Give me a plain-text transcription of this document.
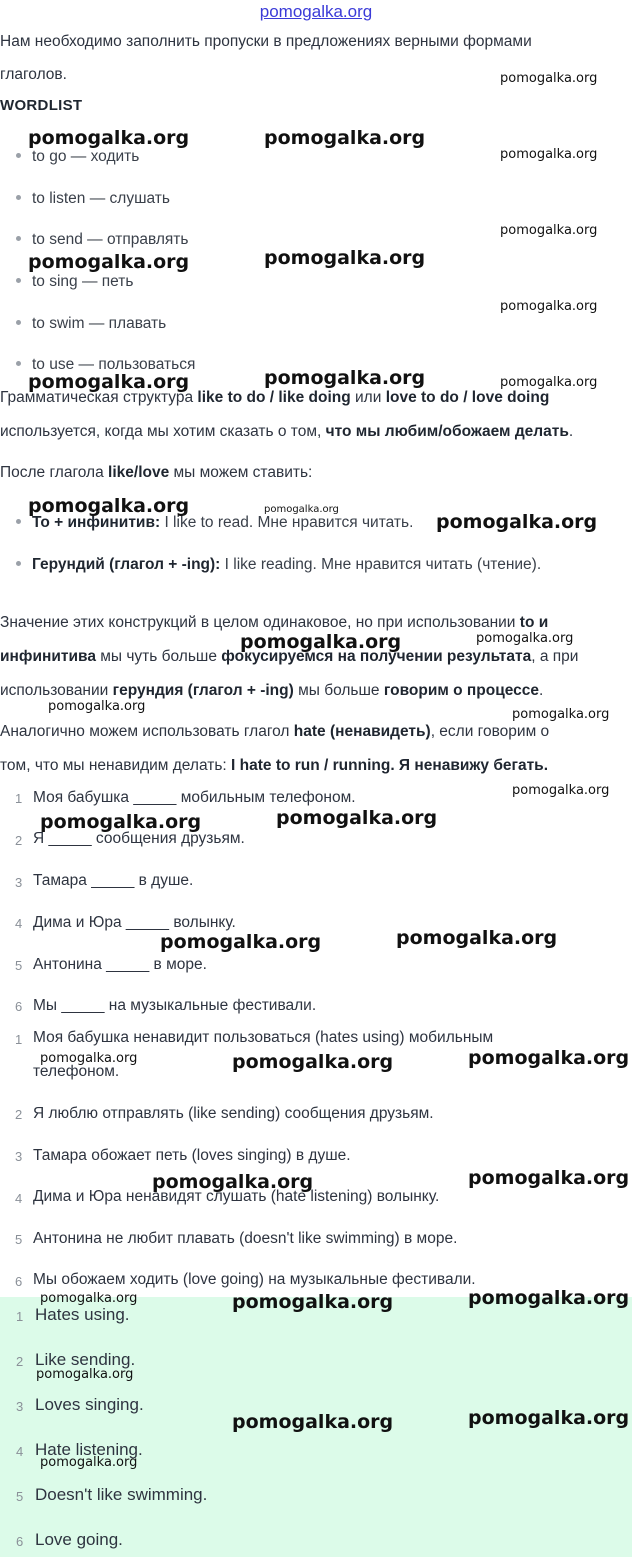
pomogalka.org
Нам необходимо заполнить пропуски в предложениях верными формами
глаголов.
WORDLIST
to go — ходить
to listen — слушать
to send — отправлять
to sing — петь
to swim — плавать
to use — пользоваться
Грамматическая структура like to do / like doing или love to do / love doing
используется, когда мы хотим сказать о том, что мы любим/обожаем делать.
После глагола like/love мы можем ставить:
To + инфинитив: I like to read. Мне нравится читать.
Герундий (глагол + -ing): I like reading. Мне нравится читать (чтение).
Значение этих конструкций в целом одинаковое, но при использовании to и
инфинитива мы чуть больше фокусируемся на получении результата, а при
использовании герундия (глагол + -ing) мы больше говорим о процессе.
Аналогично можем использовать глагол hate (ненавидеть), если говорим о
том, что мы ненавидим делать: I hate to run / running. Я ненавижу бегать.
1 Моя бабушка _____ мобильным телефоном.
2 Я _____ сообщения друзьям.
3 Тамара _____ в душе.
4 Дима и Юра _____ волынку.
5 Антонина _____ в море.
6 Мы _____ на музыкальные фестивали.
1 Моя бабушка ненавидит пользоваться (hates using) мобильным
телефоном.
2 Я люблю отправлять (like sending) сообщения друзьям.
3 Тамара обожает петь (loves singing) в душе.
4 Дима и Юра ненавидят слушать (hate listening) волынку.
5 Антонина не любит плавать (doesn't like swimming) в море.
6 Мы обожаем ходить (love going) на музыкальные фестивали.
1 Hates using.
2 Like sending.
3 Loves singing.
4 Hate listening.
5 Doesn't like swimming.
6 Love going.
pomogalka.org
pomogalka.org	pomogalka.org
pomogalka.org
pomogalka.org
pomogalka.org
pomogalka.org
pomogalka.org
pomogalka.org
pomogalka.org	pomogalka.org
pomogalka.org	pomogalka.org
pomogalka.org
pomogalka.org
pomogalka.org
pomogalka.org
pomogalka.org
pomogalka.org
pomogalka.org
pomogalka.org
pomogalka.org
pomogalka.org
pomogalka.org	pomogalka.org
pomogalka.org
pomogalka.org
pomogalka.org
pomogalka.org	pomogalka.org
pomogalka.org
pomogalka.org
pomogalka.org
pomogalka.org
pomogalka.org
